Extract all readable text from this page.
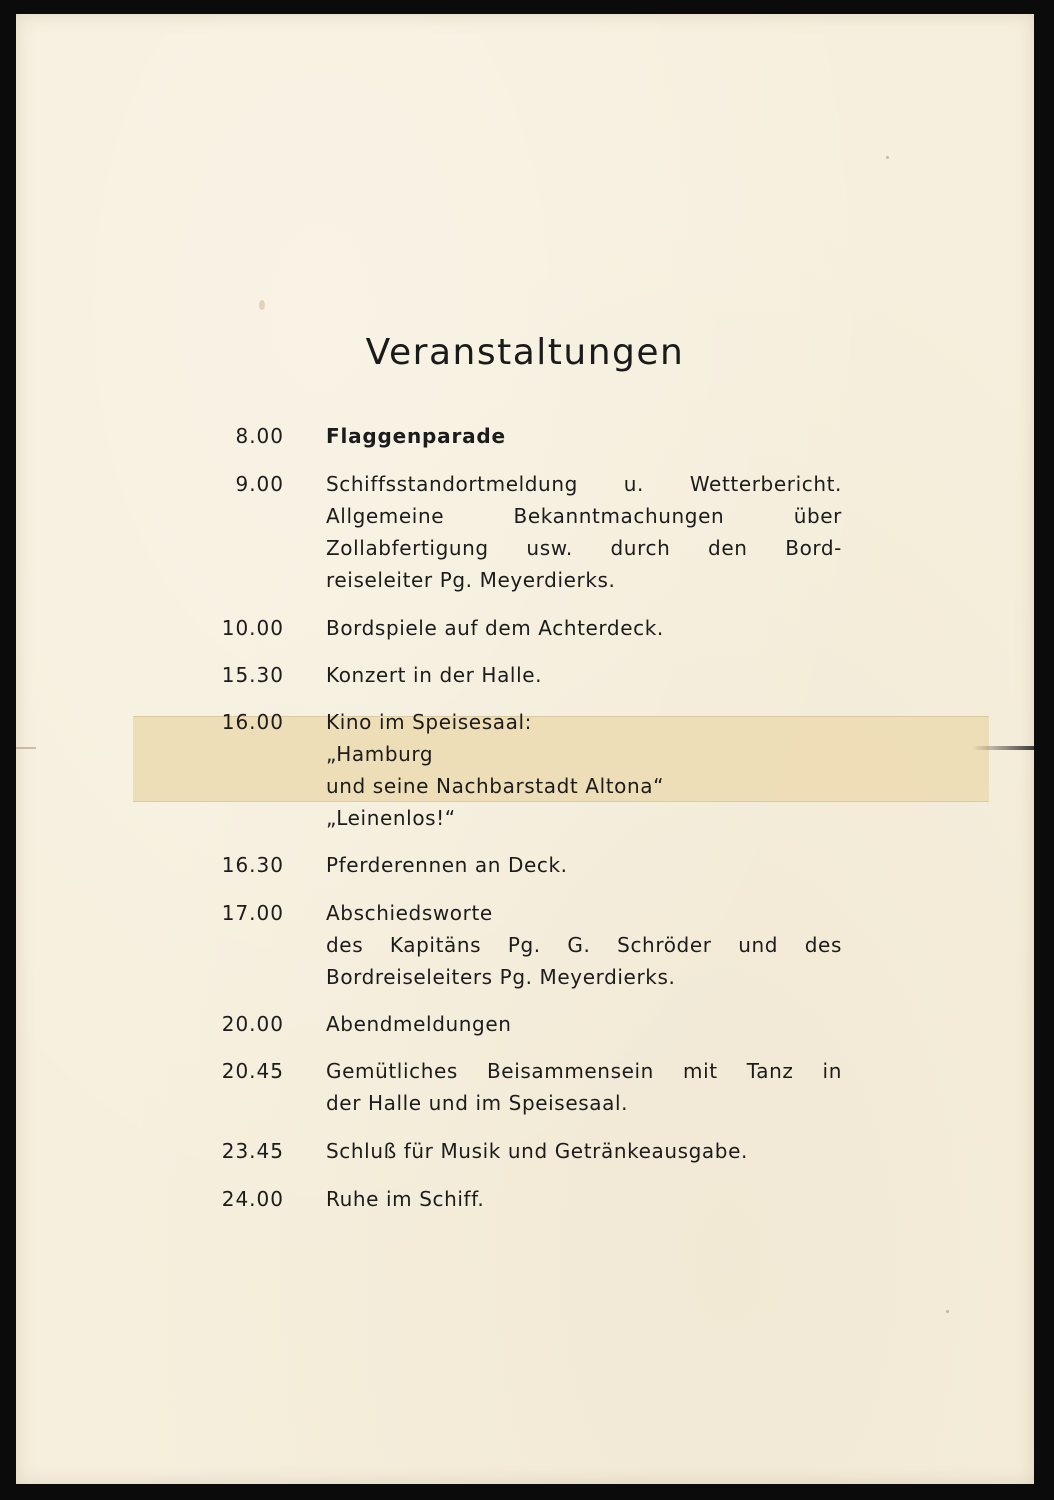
Veranstaltungen
8.00 Flaggenparade
9.00 Schiffsstandortmeldung u. Wetterbericht.
Allgemeine Bekanntmachungen über
Zollabfertigung usw. durch den Bord-
reiseleiter Pg. Meyerdierks.
10.00 Bordspiele auf dem Achterdeck.
15.30 Konzert in der Halle.
16.00 Kino im Speisesaal:
„Hamburg
und seine Nachbarstadt Altona“
„Leinenlos!“
16.30 Pferderennen an Deck.
17.00 Abschiedsworte
des Kapitäns Pg. G. Schröder und des
Bordreiseleiters Pg. Meyerdierks.
20.00 Abendmeldungen
20.45 Gemütliches Beisammensein mit Tanz in
der Halle und im Speisesaal.
23.45 Schluß für Musik und Getränkeausgabe.
24.00 Ruhe im Schiff.
